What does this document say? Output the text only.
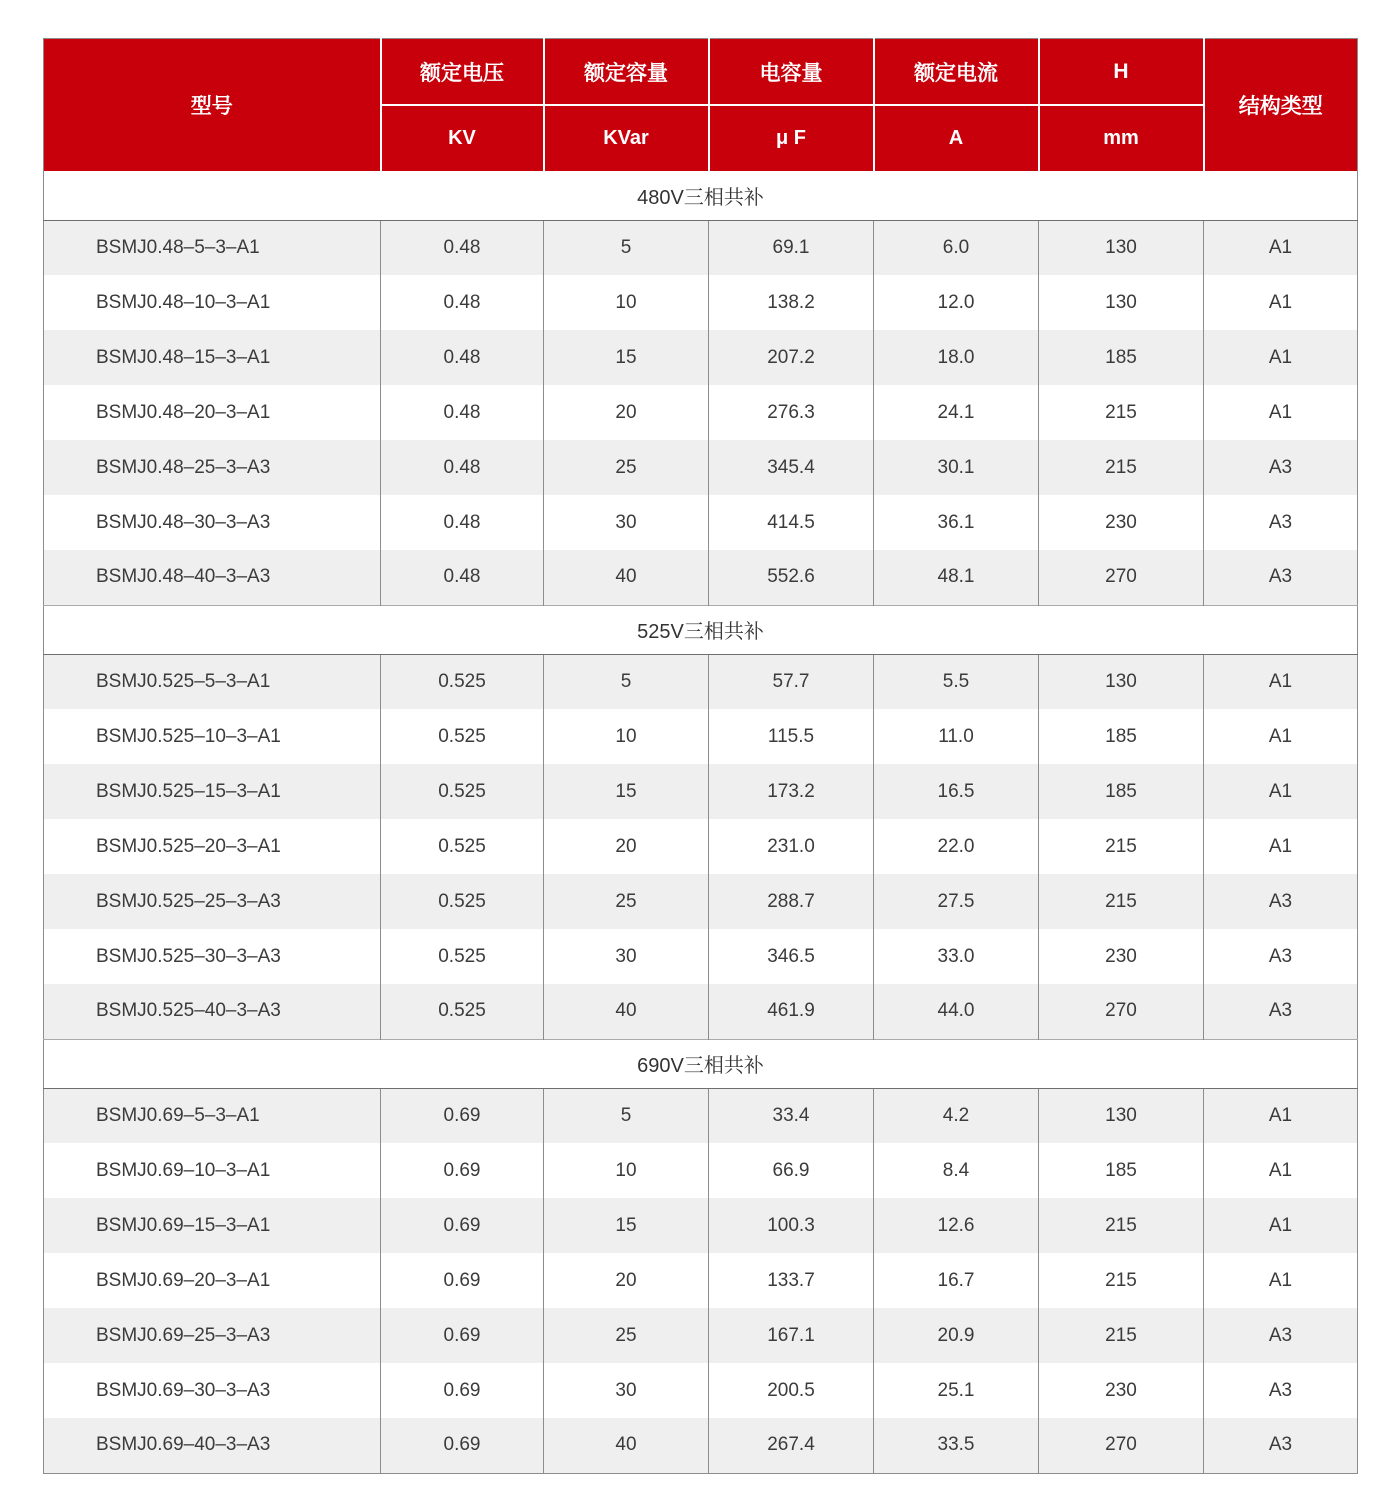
型号	额定电压	额定容量	电容量	额定电流	H	结构类型
	KV	KVar	μ F	A	mm	
480V三相共补						
BSMJ0.48–5–3–A1	0.48	5	69.1	6.0	130	A1
BSMJ0.48–10–3–A1	0.48	10	138.2	12.0	130	A1
BSMJ0.48–15–3–A1	0.48	15	207.2	18.0	185	A1
BSMJ0.48–20–3–A1	0.48	20	276.3	24.1	215	A1
BSMJ0.48–25–3–A3	0.48	25	345.4	30.1	215	A3
BSMJ0.48–30–3–A3	0.48	30	414.5	36.1	230	A3
BSMJ0.48–40–3–A3	0.48	40	552.6	48.1	270	A3
525V三相共补						
BSMJ0.525–5–3–A1	0.525	5	57.7	5.5	130	A1
BSMJ0.525–10–3–A1	0.525	10	115.5	11.0	185	A1
BSMJ0.525–15–3–A1	0.525	15	173.2	16.5	185	A1
BSMJ0.525–20–3–A1	0.525	20	231.0	22.0	215	A1
BSMJ0.525–25–3–A3	0.525	25	288.7	27.5	215	A3
BSMJ0.525–30–3–A3	0.525	30	346.5	33.0	230	A3
BSMJ0.525–40–3–A3	0.525	40	461.9	44.0	270	A3
690V三相共补						
BSMJ0.69–5–3–A1	0.69	5	33.4	4.2	130	A1
BSMJ0.69–10–3–A1	0.69	10	66.9	8.4	185	A1
BSMJ0.69–15–3–A1	0.69	15	100.3	12.6	215	A1
BSMJ0.69–20–3–A1	0.69	20	133.7	16.7	215	A1
BSMJ0.69–25–3–A3	0.69	25	167.1	20.9	215	A3
BSMJ0.69–30–3–A3	0.69	30	200.5	25.1	230	A3
BSMJ0.69–40–3–A3	0.69	40	267.4	33.5	270	A3
